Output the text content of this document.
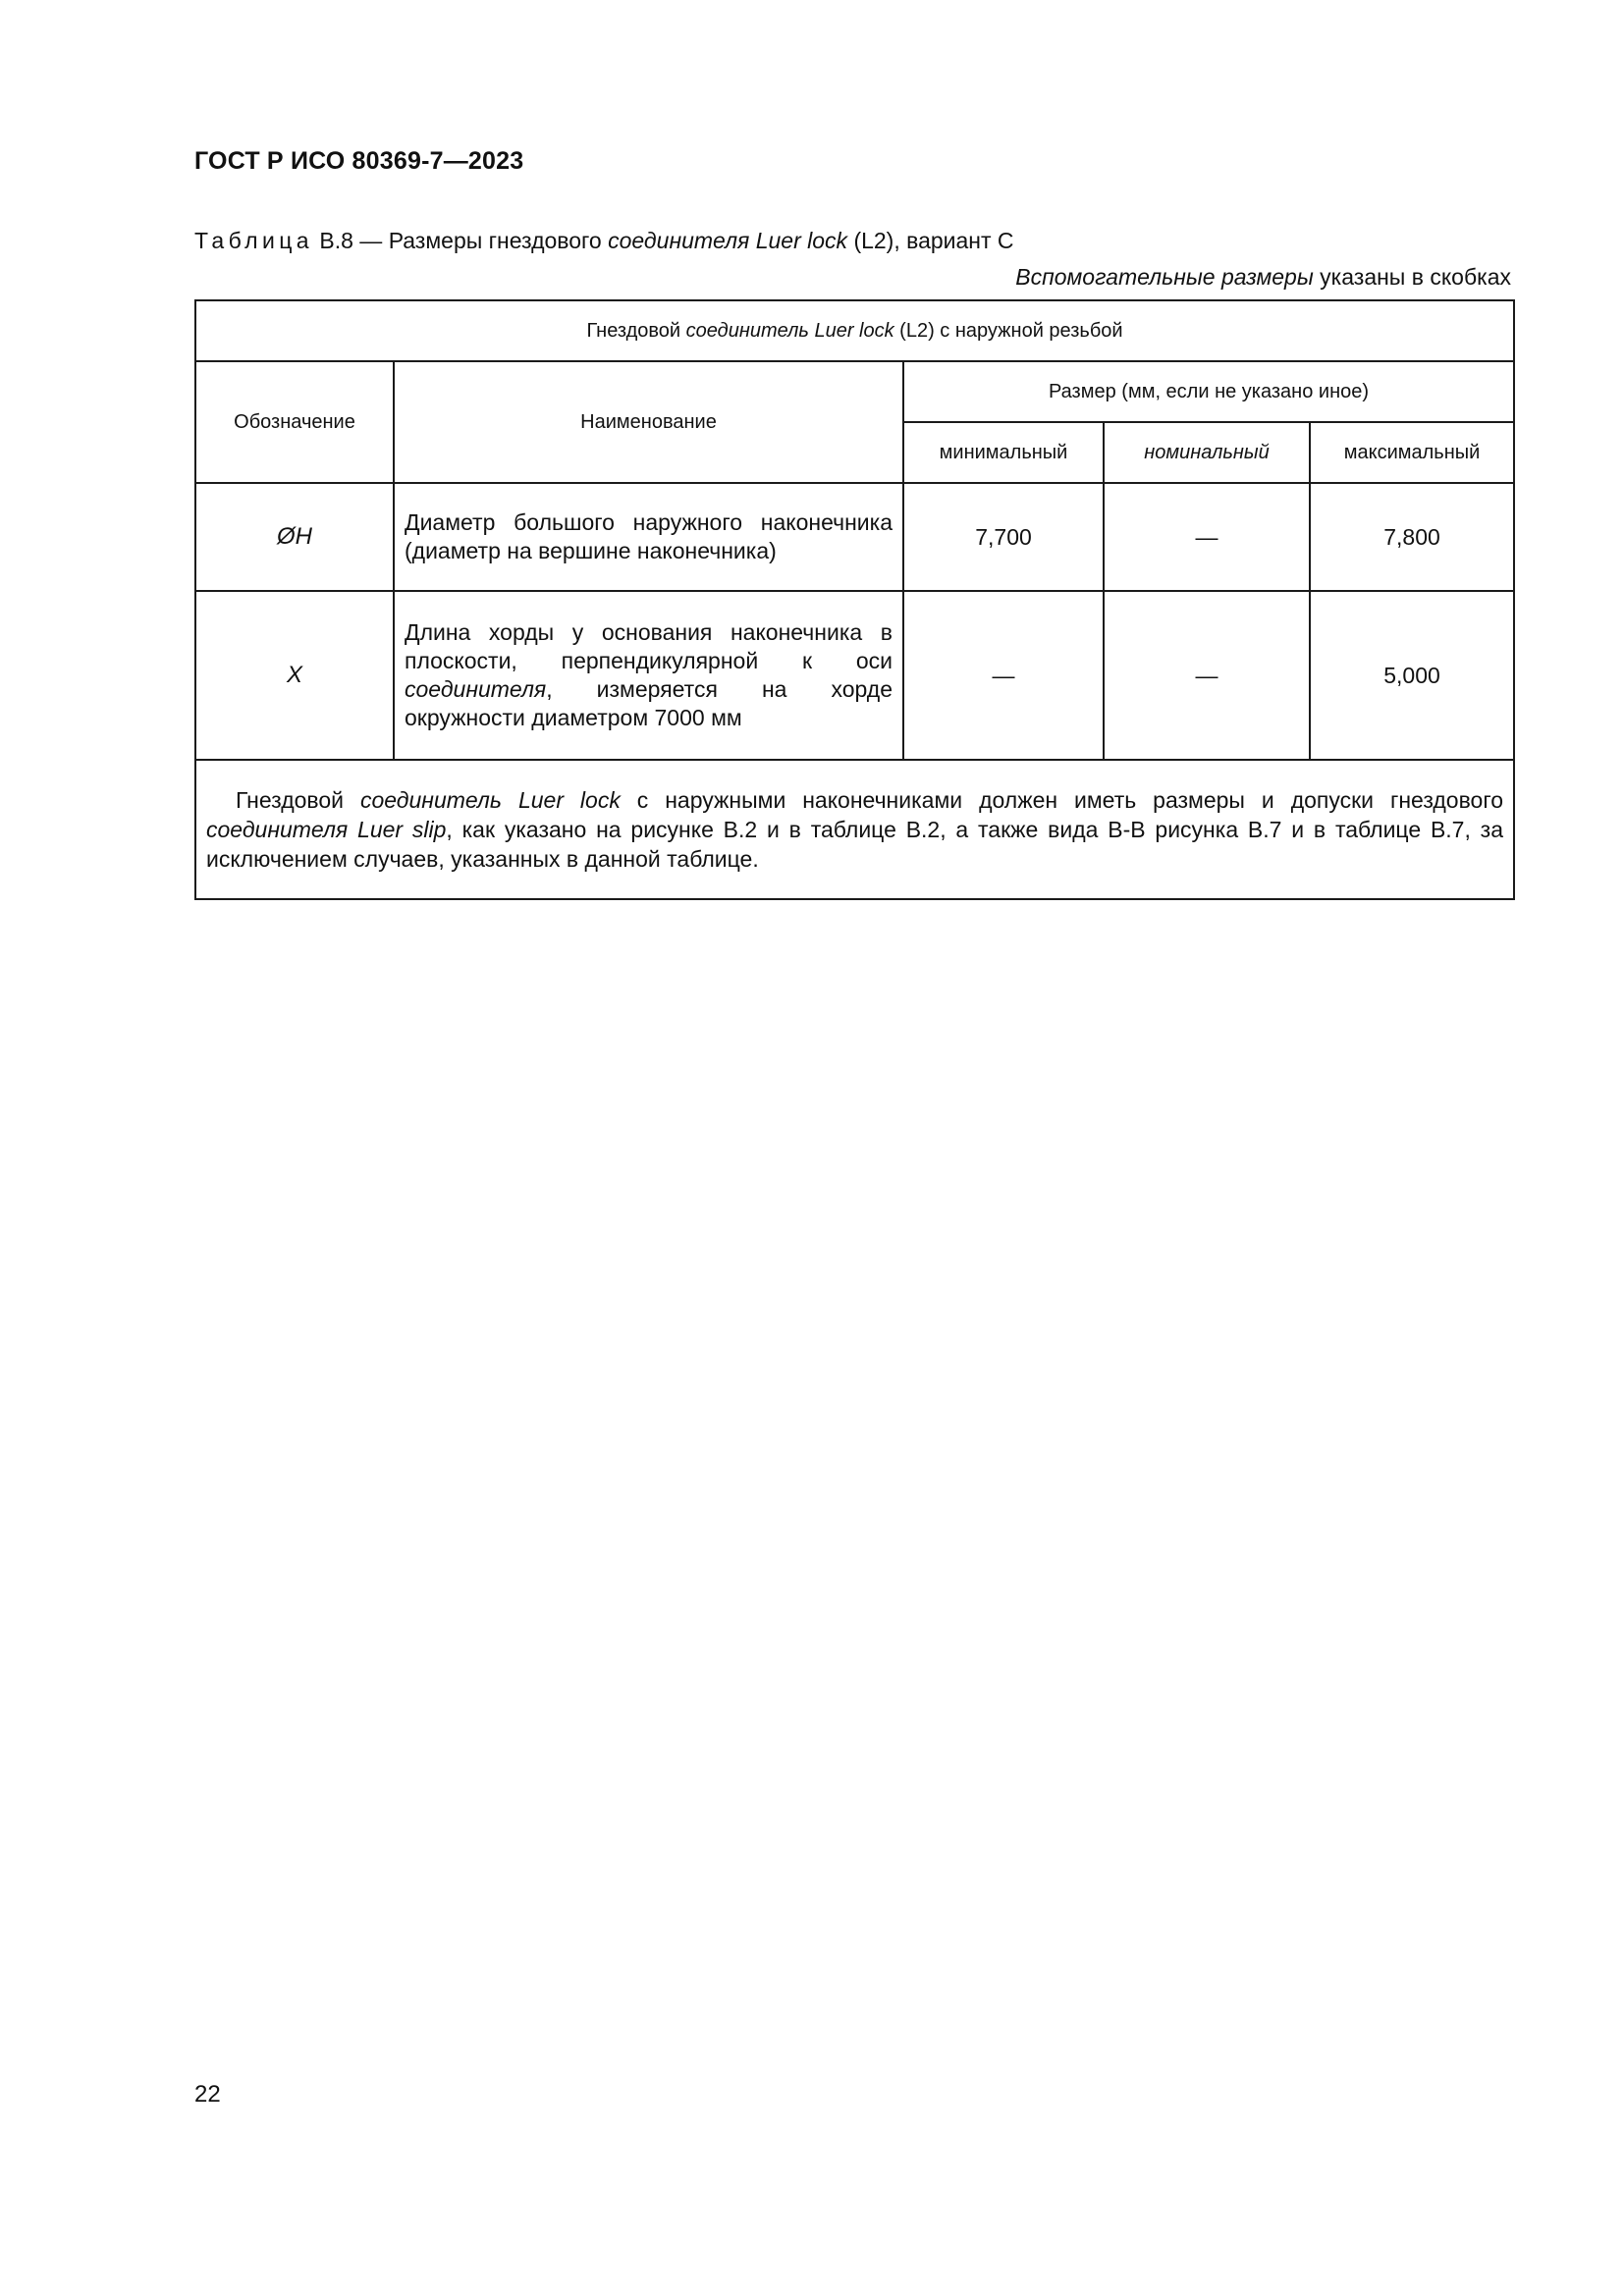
ГОСТ Р ИСО 80369-7—2023
Таблица В.8 — Размеры гнездового соединителя Luer lock (L2), вариант С
Вспомогательные размеры указаны в скобках
Гнездовой соединитель Luer lock (L2) с наружной резьбой				
Обозначение	Наименование	Размер (мм, если не указано иное)		
		минимальный	номинальный	максимальный
ØН	Диаметр большого наружного наконечника (диаметр на вершине наконечника)	7,700	—	7,800
X	Длина хорды у основания наконечника в плоскости, перпендикулярной к оси соединителя, измеряется на хорде окружности диаметром 7000 мм	—	—	5,000
Гнездовой соединитель Luer lock с наружными наконечниками должен иметь размеры и допуски гнездового соединителя Luer slip, как указано на рисунке В.2 и в таблице В.2, а также вида В-В рисунка В.7 и в таблице В.7, за исключением случаев, указанных в данной таблице.				
22
